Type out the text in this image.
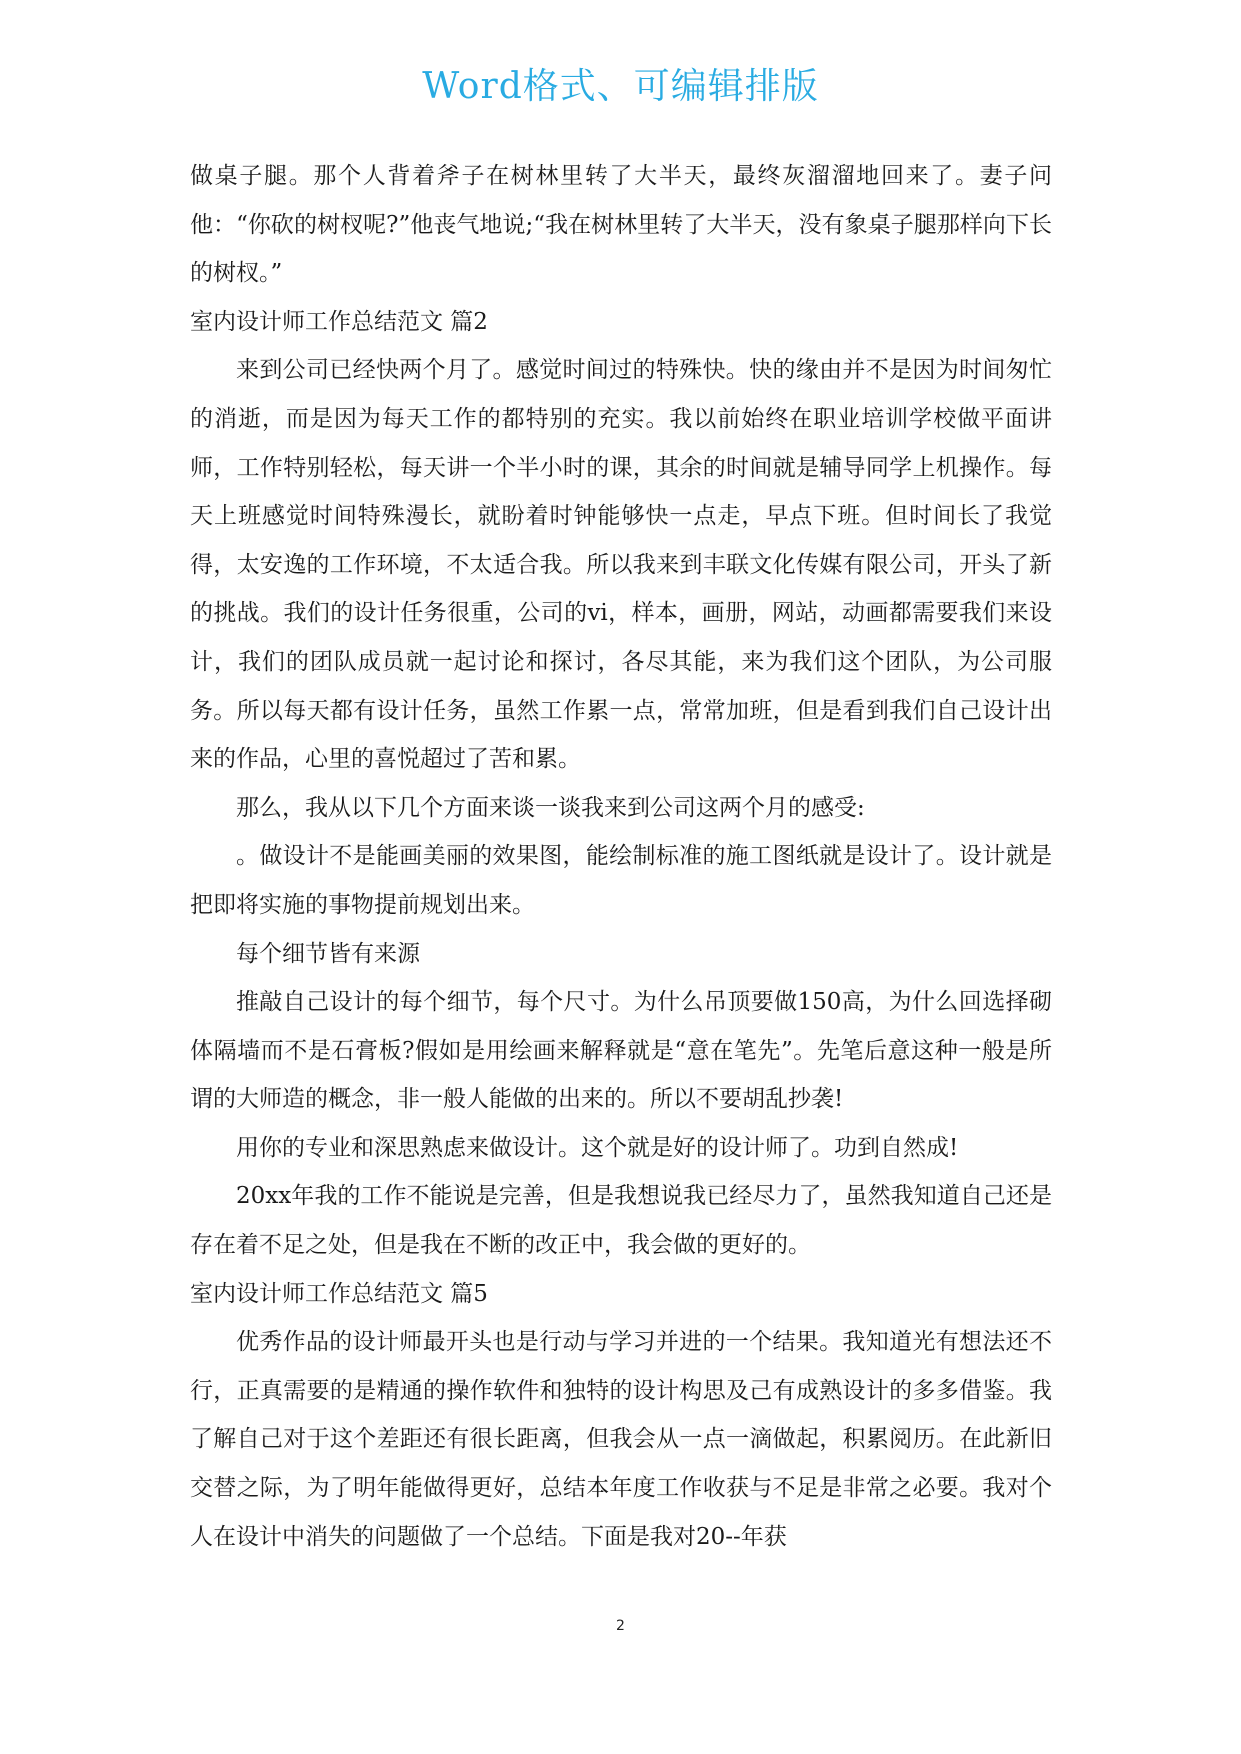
Word格式、可编辑排版

做桌子腿。那个人背着斧子在树林里转了大半天，最终灰溜溜地回来了。妻子问他：“你砍的树杈呢?”他丧气地说;“我在树林里转了大半天，没有象桌子腿那样向下长的树杈。”

室内设计师工作总结范文 篇2

来到公司已经快两个月了。感觉时间过的特殊快。快的缘由并不是因为时间匆忙的消逝，而是因为每天工作的都特别的充实。我以前始终在职业培训学校做平面讲师，工作特别轻松，每天讲一个半小时的课，其余的时间就是辅导同学上机操作。每天上班感觉时间特殊漫长，就盼着时钟能够快一点走，早点下班。但时间长了我觉得，太安逸的工作环境，不太适合我。所以我来到丰联文化传媒有限公司，开头了新的挑战。我们的设计任务很重，公司的vi，样本，画册，网站，动画都需要我们来设计，我们的团队成员就一起讨论和探讨，各尽其能，来为我们这个团队，为公司服务。所以每天都有设计任务，虽然工作累一点，常常加班，但是看到我们自己设计出来的作品，心里的喜悦超过了苦和累。

那么，我从以下几个方面来谈一谈我来到公司这两个月的感受:

。做设计不是能画美丽的效果图，能绘制标准的施工图纸就是设计了。设计就是把即将实施的事物提前规划出来。

每个细节皆有来源

推敲自己设计的每个细节，每个尺寸。为什么吊顶要做150高，为什么回选择砌体隔墙而不是石膏板?假如是用绘画来解释就是“意在笔先”。先笔后意这种一般是所谓的大师造的概念，非一般人能做的出来的。所以不要胡乱抄袭!

用你的专业和深思熟虑来做设计。这个就是好的设计师了。功到自然成!

20xx年我的工作不能说是完善，但是我想说我已经尽力了，虽然我知道自己还是存在着不足之处，但是我在不断的改正中，我会做的更好的。

室内设计师工作总结范文 篇5

优秀作品的设计师最开头也是行动与学习并进的一个结果。我知道光有想法还不行，正真需要的是精通的操作软件和独特的设计构思及己有成熟设计的多多借鉴。我了解自己对于这个差距还有很长距离，但我会从一点一滴做起，积累阅历。在此新旧交替之际，为了明年能做得更好，总结本年度工作收获与不足是非常之必要。我对个人在设计中消失的问题做了一个总结。下面是我对20--年获

2
